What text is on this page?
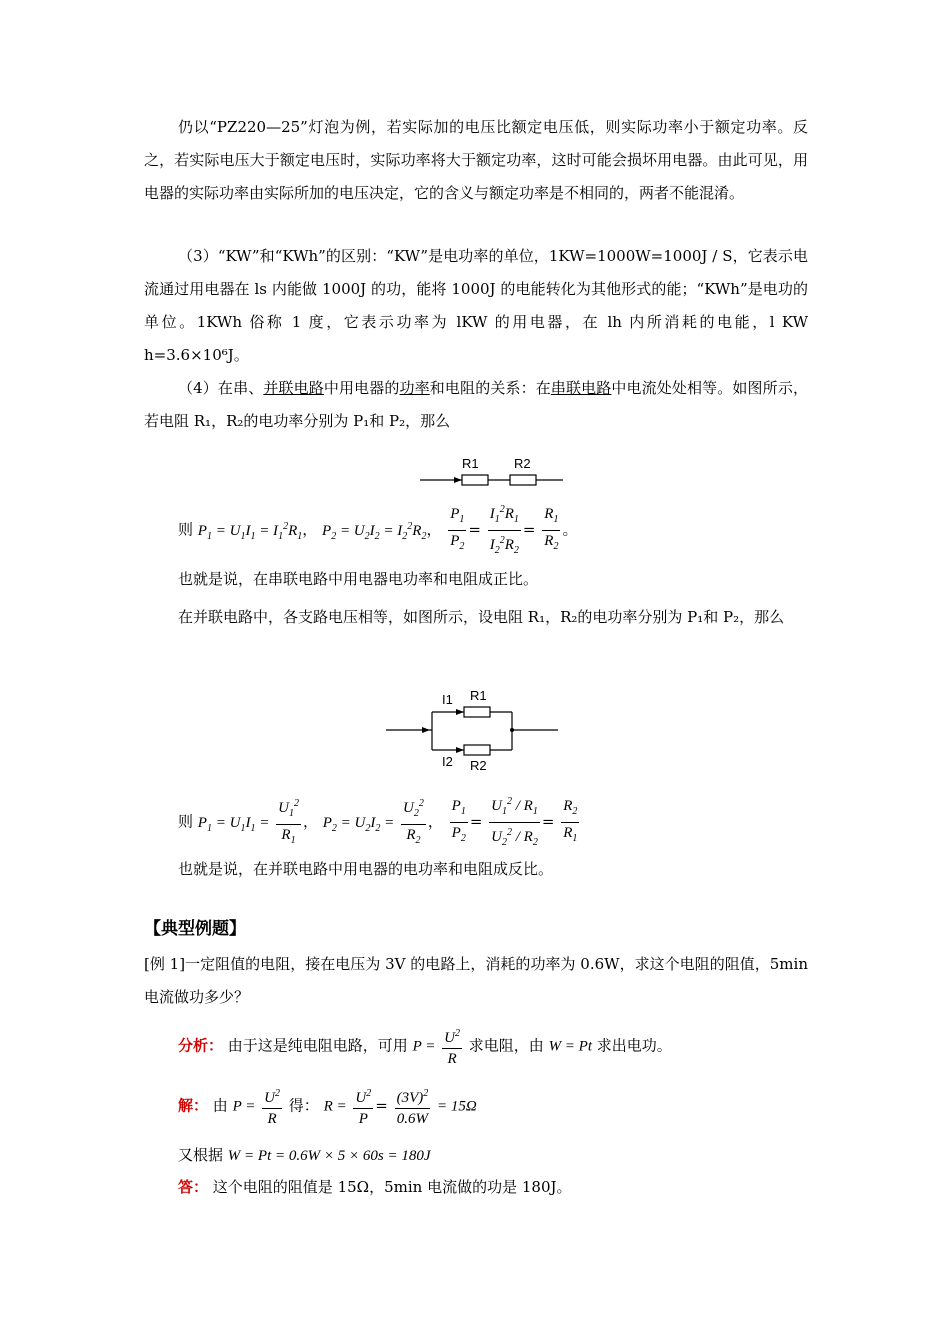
仍以“PZ220—25”灯泡为例，若实际加的电压比额定电压低，则实际功率小于额定功率。反之，若实际电压大于额定电压时，实际功率将大于额定功率，这时可能会损坏用电器。由此可见，用电器的实际功率由实际所加的电压决定，它的含义与额定功率是不相同的，两者不能混淆。
（3）“KW”和“KWh”的区别：“KW”是电功率的单位，1KW=1000W=1000J / S，它表示电流通过用电器在 ls 内能做 1000J 的功，能将 1000J 的电能转化为其他形式的能；“KWh”是电功的单位。1KWh 俗称 1 度，它表示功率为 lKW 的用电器，在 lh 内所消耗的电能，l KW h=3.6×10⁶J。
（4）在串、并联电路中用电器的功率和电阻的关系：在串联电路中电流处处相等。如图所示，若电阻 R₁，R₂的电功率分别为 P₁和 P₂，那么
R1	R2
则 $P_1 = U_1I_1 = I_1^2R_1$， $P_2 = U_2I_2 = I_2^2R_2$， $\frac{P_1}{P_2} = \frac{I_1^2R_1}{I_2^2R_2} = \frac{R_1}{R_2}$ 。
也就是说，在串联电路中用电器电功率和电阻成正比。
在并联电路中，各支路电压相等，如图所示，设电阻 R₁，R₂的电功率分别为 P₁和 P₂，那么
I1 R1
I2 R2
则 $P_1 = U_1I_1 = \frac{U_1^2}{R_1}$ ， $P_2 = U_2I_2 = \frac{U_2^2}{R_2}$ ， $\frac{P_1}{P_2} = \frac{U_1^2 / R_1}{U_2^2 / R_2} = \frac{R_2}{R_1}$
也就是说，在并联电路中用电器的电功率和电阻成反比。
【典型例题】
[例 1]一定阻值的电阻，接在电压为 3V 的电路上，消耗的功率为 0.6W，求这个电阻的阻值，5min 电流做功多少？
分析： 由于这是纯电阻电路，可用 $P = \frac{U^2}{R}$ 求电阻，由 W = Pt 求出电功。
解： 由 $P = \frac{U^2}{R}$ 得： $R = \frac{U^2}{P} = \frac{(3V)^2}{0.6W} = 15\Omega$
又根据 W = Pt = 0.6W × 5 × 60s = 180J
答： 这个电阻的阻值是 15Ω，5min 电流做的功是 180J。
